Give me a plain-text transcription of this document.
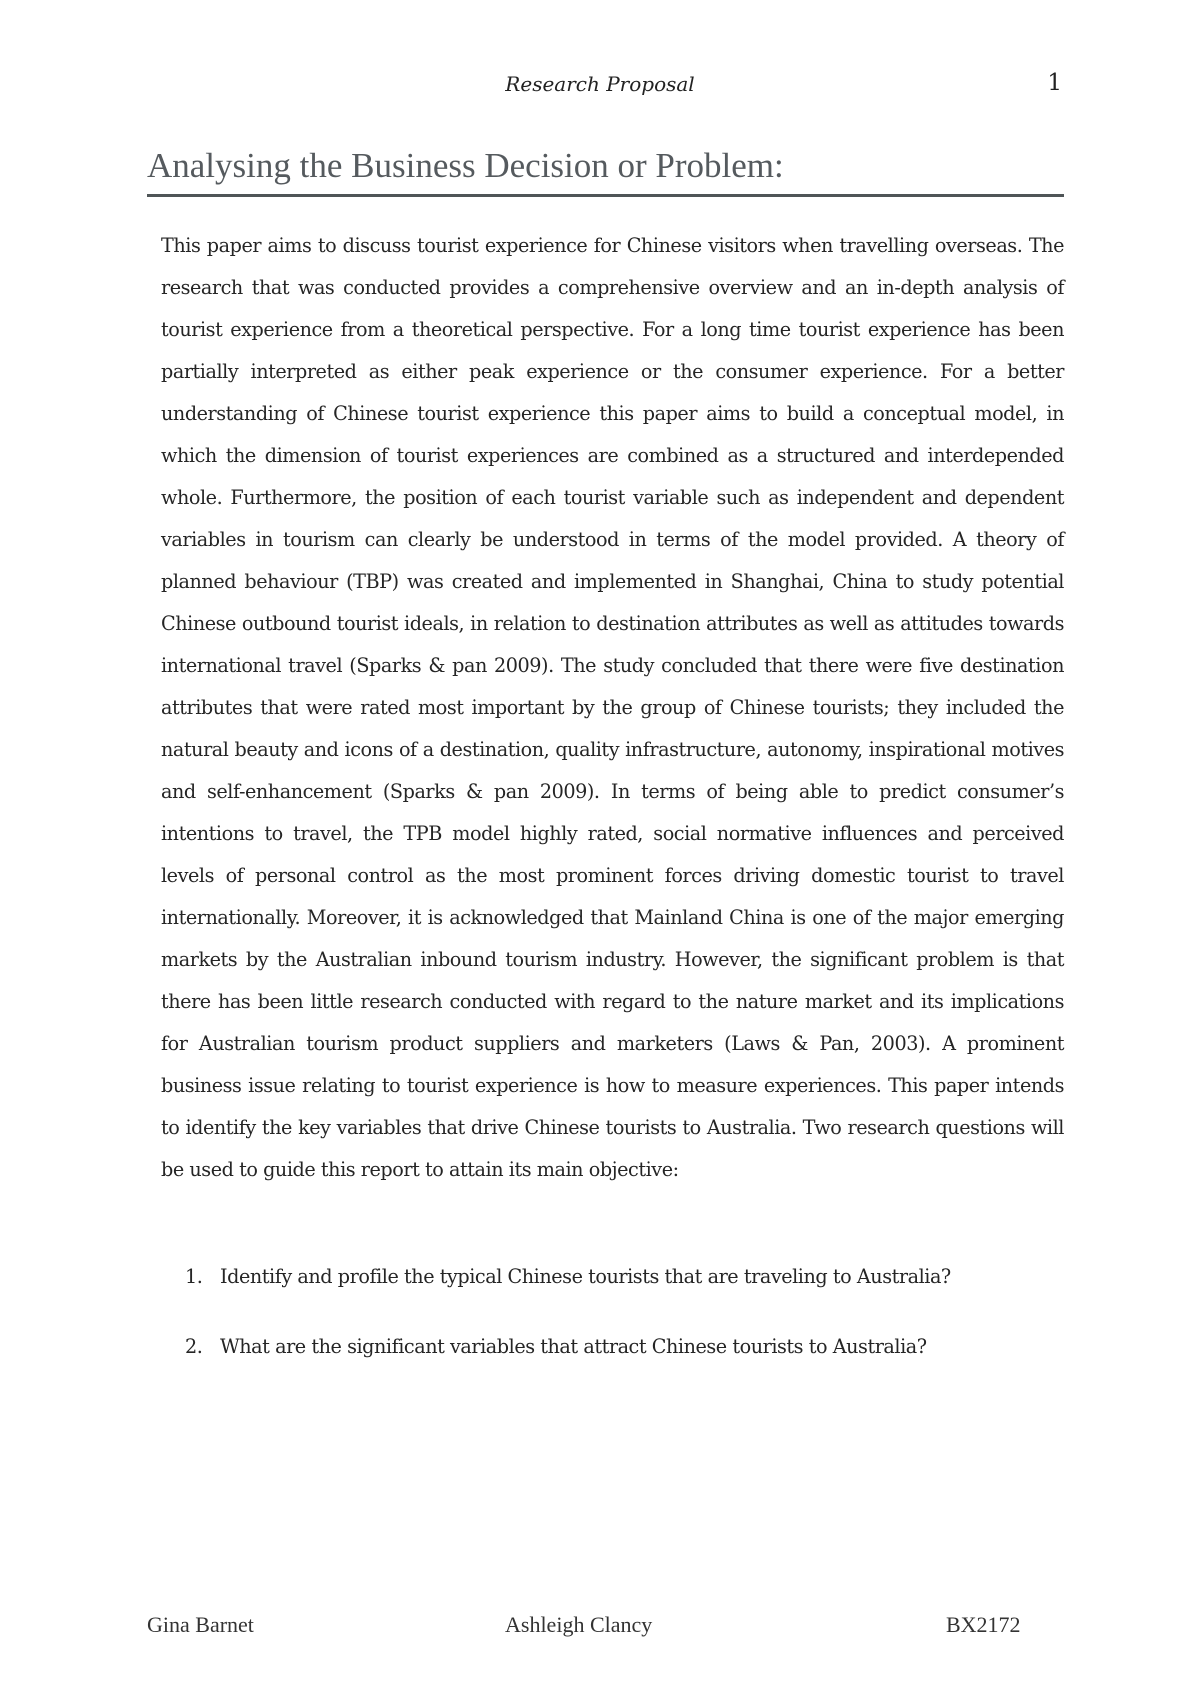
Research Proposal	1
Analysing the Business Decision or Problem:

This paper aims to discuss tourist experience for Chinese visitors when travelling overseas. The research that was conducted provides a comprehensive overview and an in-depth analysis of tourist experience from a theoretical perspective. For a long time tourist experience has been partially interpreted as either peak experience or the consumer experience. For a better understanding of Chinese tourist experience this paper aims to build a conceptual model, in which the dimension of tourist experiences are combined as a structured and interdepended whole. Furthermore, the position of each tourist variable such as independent and dependent variables in tourism can clearly be understood in terms of the model provided. A theory of planned behaviour (TBP) was created and implemented in Shanghai, China to study potential Chinese outbound tourist ideals, in relation to destination attributes as well as attitudes towards international travel (Sparks & pan 2009). The study concluded that there were five destination attributes that were rated most important by the group of Chinese tourists; they included the natural beauty and icons of a destination, quality infrastructure, autonomy, inspirational motives and self-enhancement (Sparks & pan 2009). In terms of being able to predict consumer’s intentions to travel, the TPB model highly rated, social normative influences and perceived levels of personal control as the most prominent forces driving domestic tourist to travel internationally. Moreover, it is acknowledged that Mainland China is one of the major emerging markets by the Australian inbound tourism industry. However, the significant problem is that there has been little research conducted with regard to the nature market and its implications for Australian tourism product suppliers and marketers (Laws & Pan, 2003). A prominent business issue relating to tourist experience is how to measure experiences. This paper intends to identify the key variables that drive Chinese tourists to Australia. Two research questions will be used to guide this report to attain its main objective:

1. Identify and profile the typical Chinese tourists that are traveling to Australia?
2. What are the significant variables that attract Chinese tourists to Australia?
Gina Barnet	Ashleigh Clancy	BX2172
